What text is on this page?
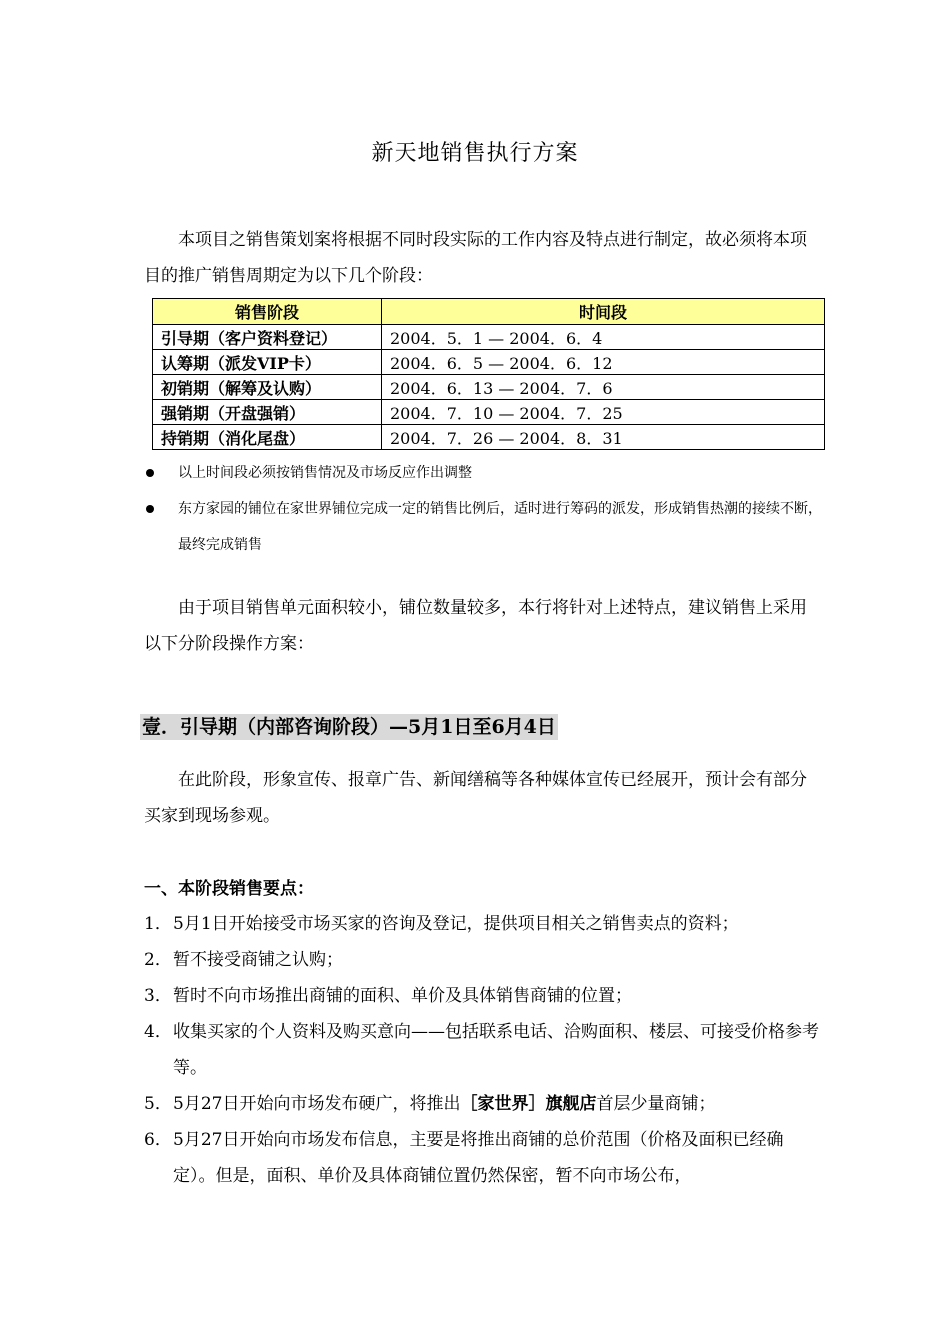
新天地销售执行方案

本项目之销售策划案将根据不同时段实际的工作内容及特点进行制定，故必须将本项目的推广销售周期定为以下几个阶段：

销售阶段	时间段
引导期（客户资料登记）	2004．5．1 — 2004．6．4
认筹期（派发VIP卡）	2004．6．5 — 2004．6．12
初销期（解筹及认购）	2004．6．13 — 2004．7．6
强销期（开盘强销）	2004．7．10 — 2004．7．25
持销期（消化尾盘）	2004．7．26 — 2004．8．31
以上时间段必须按销售情况及市场反应作出调整
东方家园的铺位在家世界铺位完成一定的销售比例后，适时进行筹码的派发，形成销售热潮的接续不断，最终完成销售

由于项目销售单元面积较小，铺位数量较多，本行将针对上述特点，建议销售上采用以下分阶段操作方案：

壹．引导期（内部咨询阶段）—5月1日至6月4日

在此阶段，形象宣传、报章广告、新闻缮稿等各种媒体宣传已经展开，预计会有部分买家到现场参观。

一、本阶段销售要点：
1． 5月1日开始接受市场买家的咨询及登记，提供项目相关之销售卖点的资料；
2． 暂不接受商铺之认购；
3． 暂时不向市场推出商铺的面积、单价及具体销售商铺的位置；
4． 收集买家的个人资料及购买意向——包括联系电话、洽购面积、楼层、可接受价格参考等。
5． 5月27日开始向市场发布硬广，将推出［家世界］旗舰店首层少量商铺；
6． 5月27日开始向市场发布信息，主要是将推出商铺的总价范围（价格及面积已经确定）。但是，面积、单价及具体商铺位置仍然保密，暂不向市场公布，
